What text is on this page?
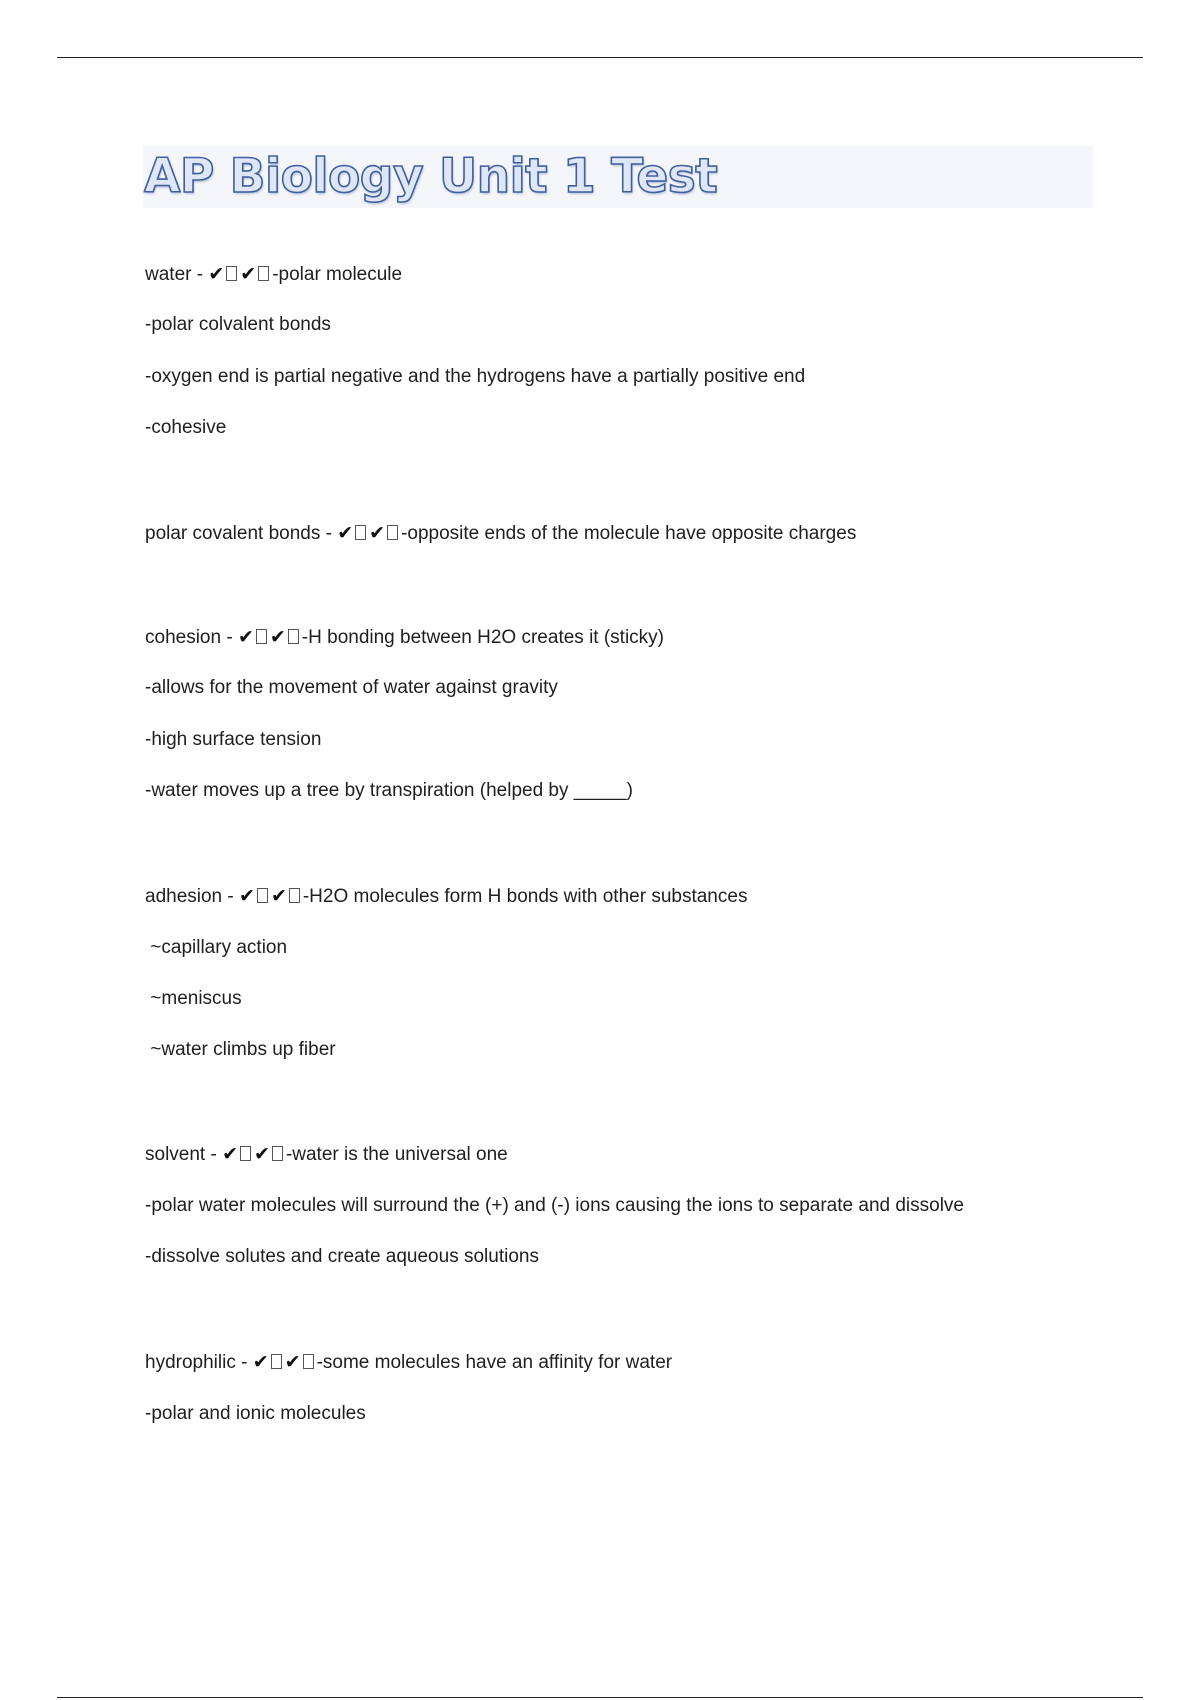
AP Biology Unit 1 Test
water - ✔ ✔ -polar molecule
-polar colvalent bonds
-oxygen end is partial negative and the hydrogens have a partially positive end
-cohesive
polar covalent bonds - ✔ ✔ -opposite ends of the molecule have opposite charges
cohesion - ✔ ✔ -H bonding between H2O creates it (sticky)
-allows for the movement of water against gravity
-high surface tension
-water moves up a tree by transpiration (helped by _____)
adhesion - ✔ ✔ -H2O molecules form H bonds with other substances
~capillary action
~meniscus
~water climbs up fiber
solvent - ✔ ✔ -water is the universal one
-polar water molecules will surround the (+) and (-) ions causing the ions to separate and dissolve
-dissolve solutes and create aqueous solutions
hydrophilic - ✔ ✔ -some molecules have an affinity for water
-polar and ionic molecules
